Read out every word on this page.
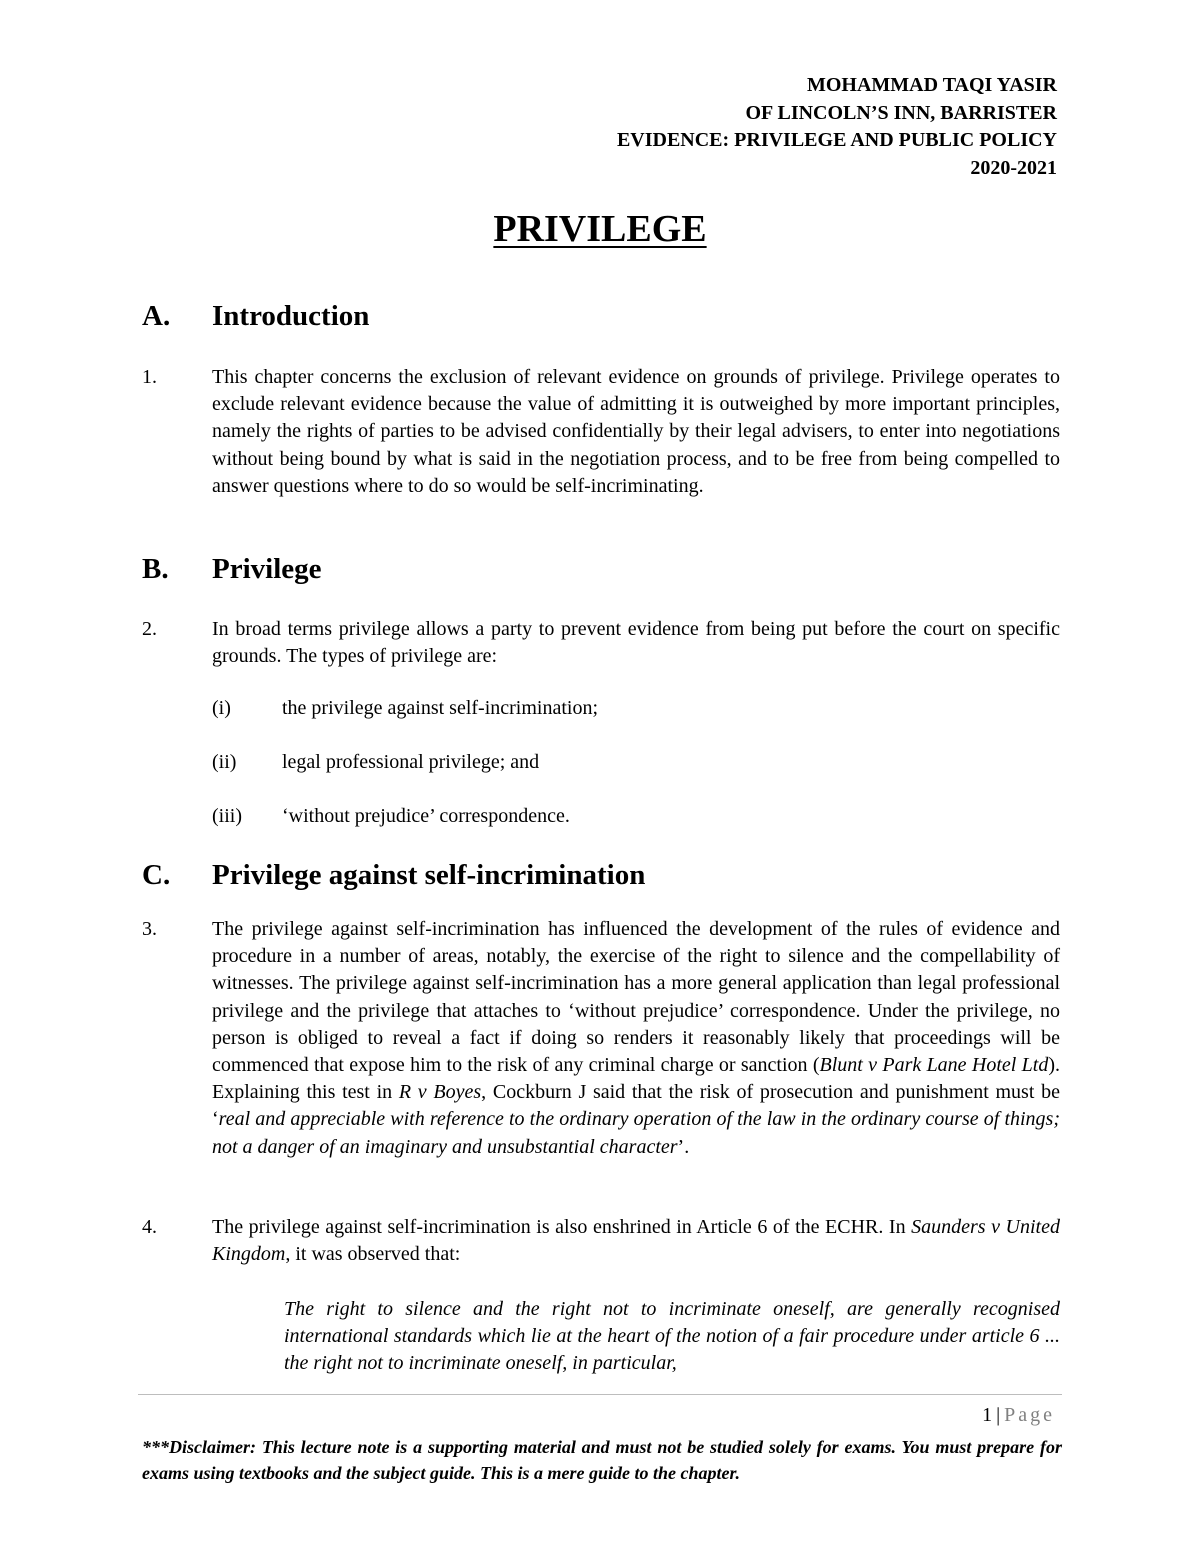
MOHAMMAD TAQI YASIR
OF LINCOLN’S INN, BARRISTER
EVIDENCE: PRIVILEGE AND PUBLIC POLICY
2020-2021
PRIVILEGE
A. Introduction
1.	This chapter concerns the exclusion of relevant evidence on grounds of privilege. Privilege operates to exclude relevant evidence because the value of admitting it is outweighed by more important principles, namely the rights of parties to be advised confidentially by their legal advisers, to enter into negotiations without being bound by what is said in the negotiation process, and to be free from being compelled to answer questions where to do so would be self-incriminating.
B. Privilege
2.	In broad terms privilege allows a party to prevent evidence from being put before the court on specific grounds. The types of privilege are:
(i)	the privilege against self-incrimination;
(ii) legal professional privilege; and
(iii) ‘without prejudice’ correspondence.
C. Privilege against self-incrimination
3.	The privilege against self-incrimination has influenced the development of the rules of evidence and procedure in a number of areas, notably, the exercise of the right to silence and the compellability of witnesses. The privilege against self-incrimination has a more general application than legal professional privilege and the privilege that attaches to ‘without prejudice’ correspondence. Under the privilege, no person is obliged to reveal a fact if doing so renders it reasonably likely that proceedings will be commenced that expose him to the risk of any criminal charge or sanction (Blunt v Park Lane Hotel Ltd). Explaining this test in R v Boyes, Cockburn J said that the risk of prosecution and punishment must be ‘real and appreciable with reference to the ordinary operation of the law in the ordinary course of things; not a danger of an imaginary and unsubstantial character’.
4.	The privilege against self-incrimination is also enshrined in Article 6 of the ECHR. In Saunders v United Kingdom, it was observed that:
The right to silence and the right not to incriminate oneself, are generally recognised international standards which lie at the heart of the notion of a fair procedure under article 6 ... the right not to incriminate oneself, in particular,
1 | Page
***Disclaimer: This lecture note is a supporting material and must not be studied solely for exams. You must prepare for exams using textbooks and the subject guide. This is a mere guide to the chapter.
